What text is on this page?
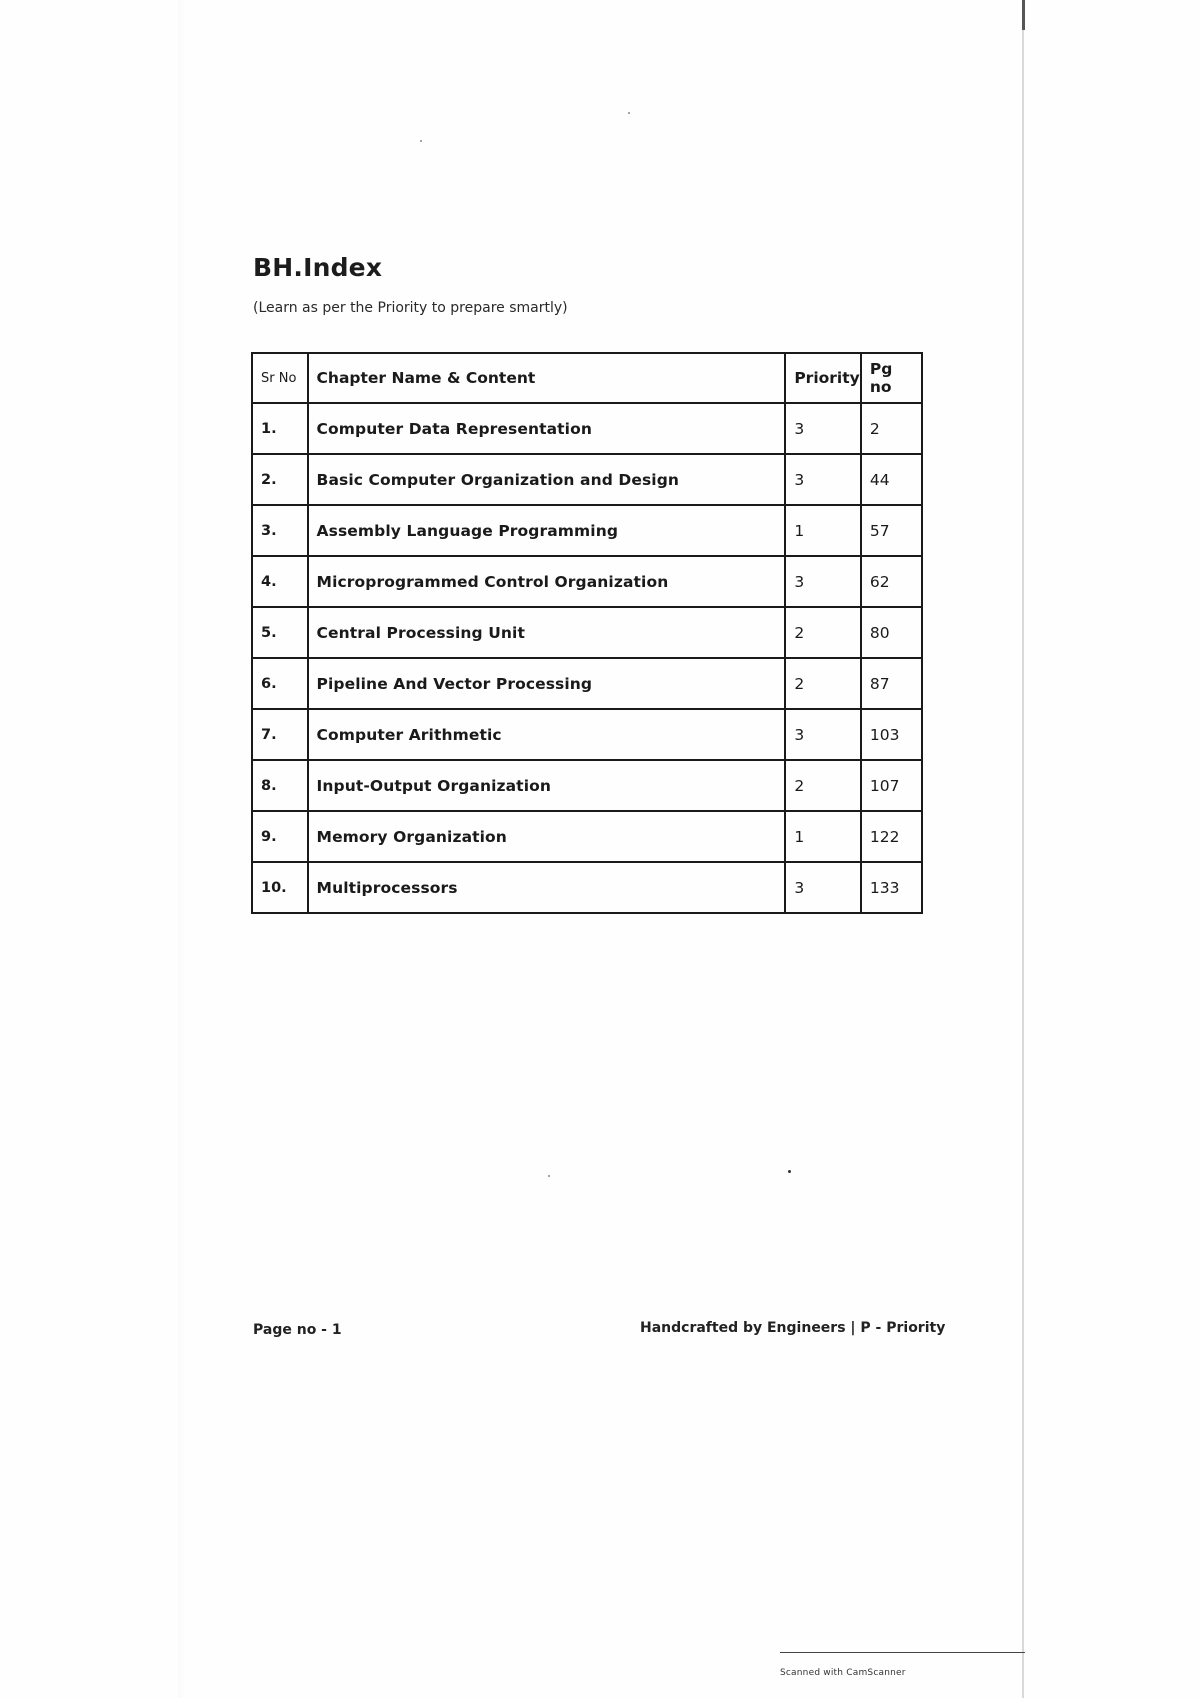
BH.Index
(Learn as per the Priority to prepare smartly)
Sr No	Chapter Name & Content	Priority	Pg no
1.	Computer Data Representation	3	2
2.	Basic Computer Organization and Design	3	44
3.	Assembly Language Programming	1	57
4.	Microprogrammed Control Organization	3	62
5.	Central Processing Unit	2	80
6.	Pipeline And Vector Processing	2	87
7.	Computer Arithmetic	3	103
8.	Input-Output Organization	2	107
9.	Memory Organization	1	122
10.	Multiprocessors	3	133
Page no - 1	Handcrafted by Engineers | P - Priority
Scanned with CamScanner
